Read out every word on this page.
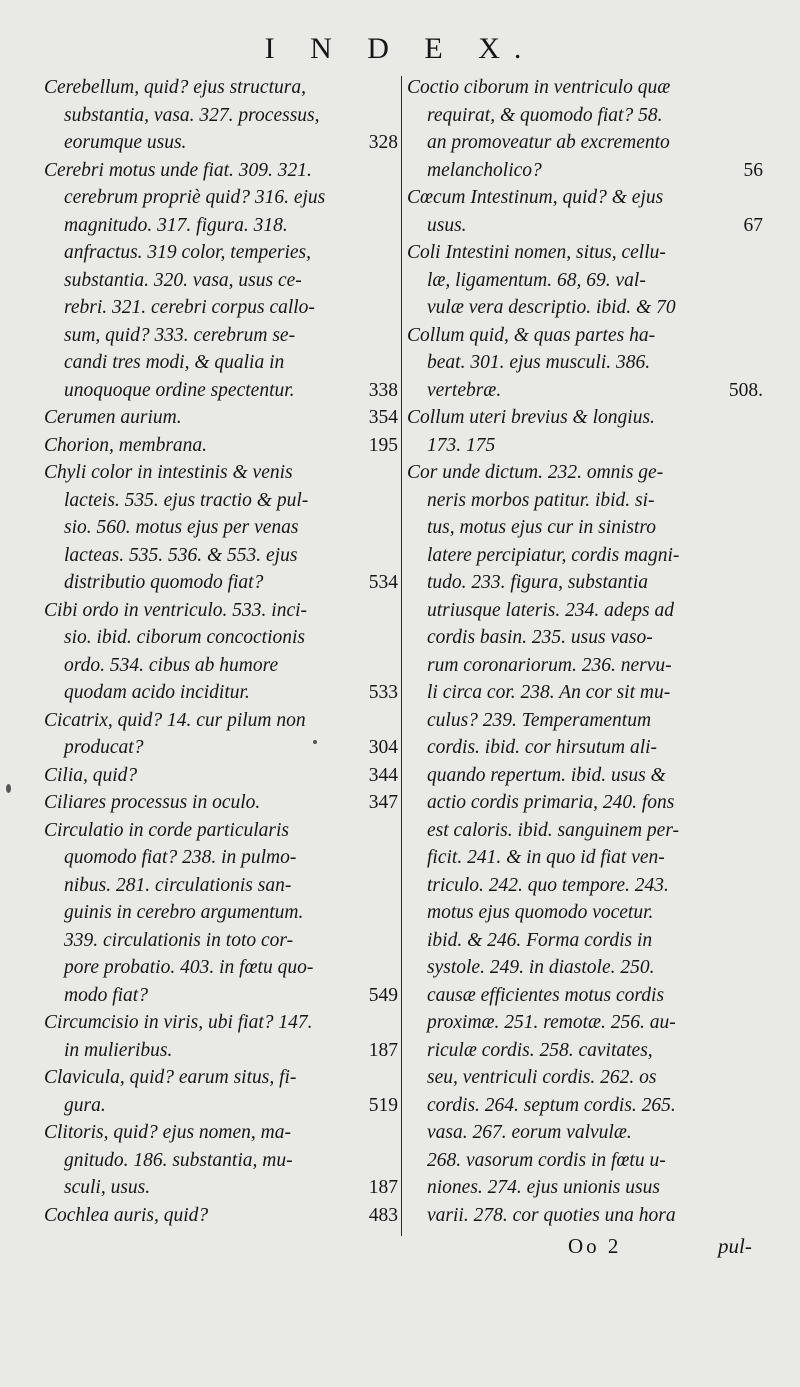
I N D E X.
Cerebellum, quid? ejus structura,
substantia, vasa. 327. processus,
eorumque usus.	328
Cerebri motus unde fiat. 309. 321.
cerebrum propriè quid? 316. ejus
magnitudo. 317. figura. 318.
anfractus. 319 color, temperies,
substantia. 320. vasa, usus ce-
rebri. 321. cerebri corpus callo-
sum, quid? 333. cerebrum se-
candi tres modi, & qualia in
unoquoque ordine spectentur.	338
Cerumen aurium.	354
Chorion, membrana.	195
Chyli color in intestinis & venis
lacteis. 535. ejus tractio & pul-
sio. 560. motus ejus per venas
lacteas. 535. 536. & 553. ejus
distributio quomodo fiat?	534
Cibi ordo in ventriculo. 533. inci-
sio. ibid. ciborum concoctionis
ordo. 534. cibus ab humore
quodam acido inciditur.	533
Cicatrix, quid? 14. cur pilum non
producat?	304
Cilia, quid?	344
Ciliares processus in oculo.	347
Circulatio in corde particularis
quomodo fiat? 238. in pulmo-
nibus. 281. circulationis san-
guinis in cerebro argumentum.
339. circulationis in toto cor-
pore probatio. 403. in fœtu quo-
modo fiat?	549
Circumcisio in viris, ubi fiat? 147.
in mulieribus.	187
Clavicula, quid? earum situs, fi-
gura.	519
Clitoris, quid? ejus nomen, ma-
gnitudo. 186. substantia, mu-
sculi, usus.	187
Cochlea auris, quid?	483
Coctio ciborum in ventriculo quæ
requirat, & quomodo fiat? 58.
an promoveatur ab excremento
melancholico?	56
Cœcum Intestinum, quid? & ejus
usus.	67
Coli Intestini nomen, situs, cellu-
læ, ligamentum. 68, 69. val-
vulæ vera descriptio. ibid. & 70
Collum quid, & quas partes ha-
beat. 301. ejus musculi. 386.
vertebræ.	508.
Collum uteri brevius & longius.
173. 175
Cor unde dictum. 232. omnis ge-
neris morbos patitur. ibid. si-
tus, motus ejus cur in sinistro
latere percipiatur, cordis magni-
tudo. 233. figura, substantia
utriusque lateris. 234. adeps ad
cordis basin. 235. usus vaso-
rum coronariorum. 236. nervu-
li circa cor. 238. An cor sit mu-
culus? 239. Temperamentum
cordis. ibid. cor hirsutum ali-
quando repertum. ibid. usus &
actio cordis primaria, 240. fons
est caloris. ibid. sanguinem per-
ficit. 241. & in quo id fiat ven-
triculo. 242. quo tempore. 243.
motus ejus quomodo vocetur.
ibid. & 246. Forma cordis in
systole. 249. in diastole. 250.
causæ efficientes motus cordis
proximæ. 251. remotæ. 256. au-
riculæ cordis. 258. cavitates,
seu, ventriculi cordis. 262. os
cordis. 264. septum cordis. 265.
vasa. 267. eorum valvulæ.
268. vasorum cordis in fœtu u-
niones. 274. ejus unionis usus
varii. 278. cor quoties una hora
Oo 2	pul-
